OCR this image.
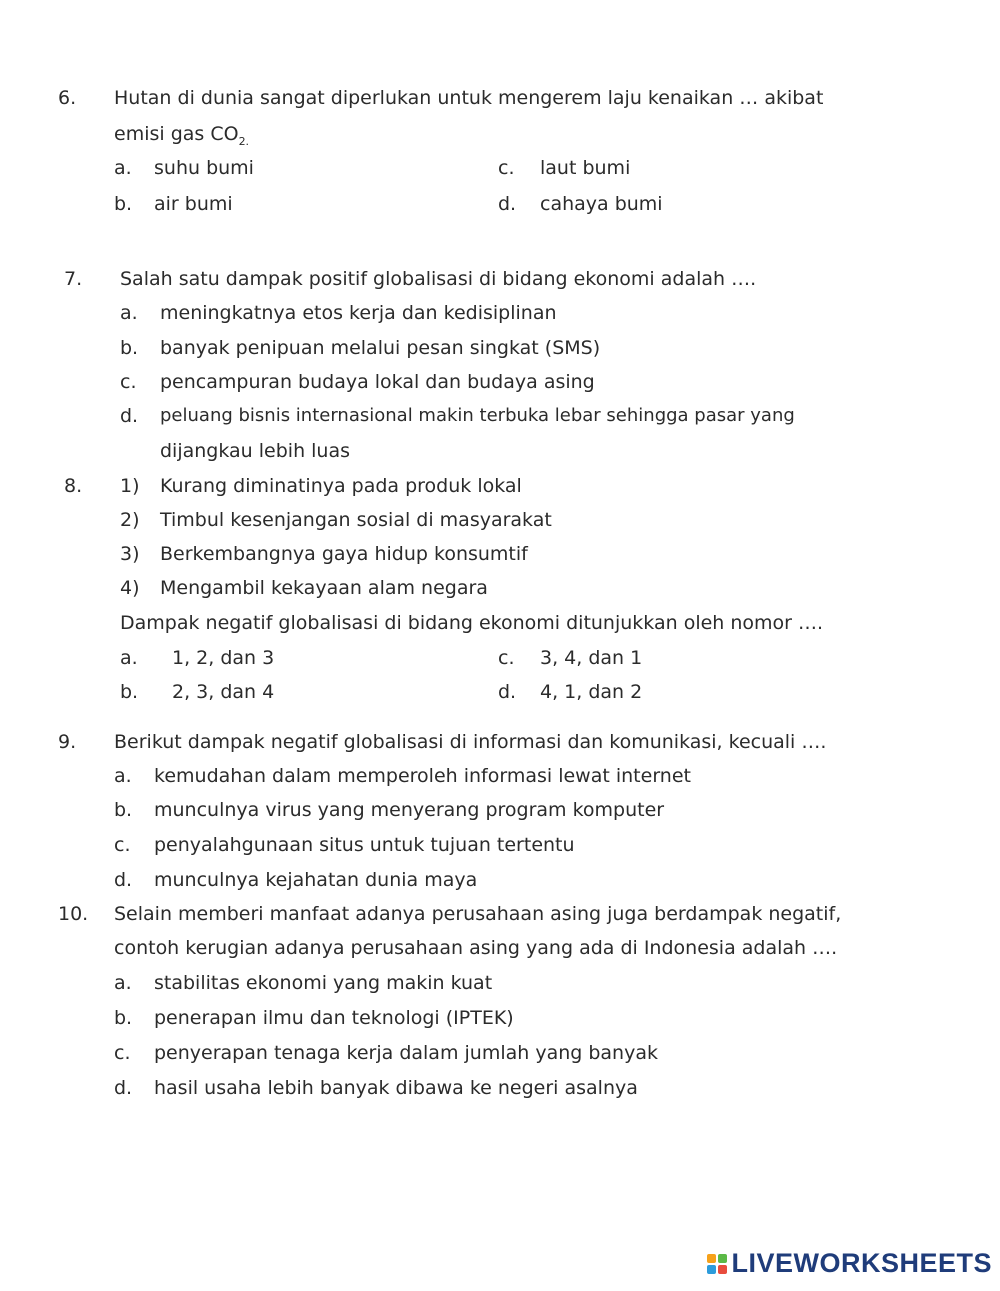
6. Hutan di dunia sangat diperlukan untuk mengerem laju kenaikan … akibat
emisi gas $CO_{2.}$
a. suhu bumi	c. laut bumi
b. air bumi	d. cahaya bumi
7. Salah satu dampak positif globalisasi di bidang ekonomi adalah ….
a. meningkatnya etos kerja dan kedisiplinan
b. banyak penipuan melalui pesan singkat (SMS)
c. pencampuran budaya lokal dan budaya asing
d. peluang bisnis internasional makin terbuka lebar sehingga pasar yang
dijangkau lebih luas
8. 1) Kurang diminatinya pada produk lokal
2) Timbul kesenjangan sosial di masyarakat
3) Berkembangnya gaya hidup konsumtif
4) Mengambil kekayaan alam negara
Dampak negatif globalisasi di bidang ekonomi ditunjukkan oleh nomor ….
a. 1, 2, dan 3	c. 3, 4, dan 1
b. 2, 3, dan 4	d. 4, 1, dan 2
9. Berikut dampak negatif globalisasi di informasi dan komunikasi, kecuali ….
a. kemudahan dalam memperoleh informasi lewat internet
b. munculnya virus yang menyerang program komputer
c. penyalahgunaan situs untuk tujuan tertentu
d. munculnya kejahatan dunia maya
10. Selain memberi manfaat adanya perusahaan asing juga berdampak negatif,
contoh kerugian adanya perusahaan asing yang ada di Indonesia adalah ….
a. stabilitas ekonomi yang makin kuat
b. penerapan ilmu dan teknologi (IPTEK)
c. penyerapan tenaga kerja dalam jumlah yang banyak
d. hasil usaha lebih banyak dibawa ke negeri asalnya
LIVEWORKSHEETS
